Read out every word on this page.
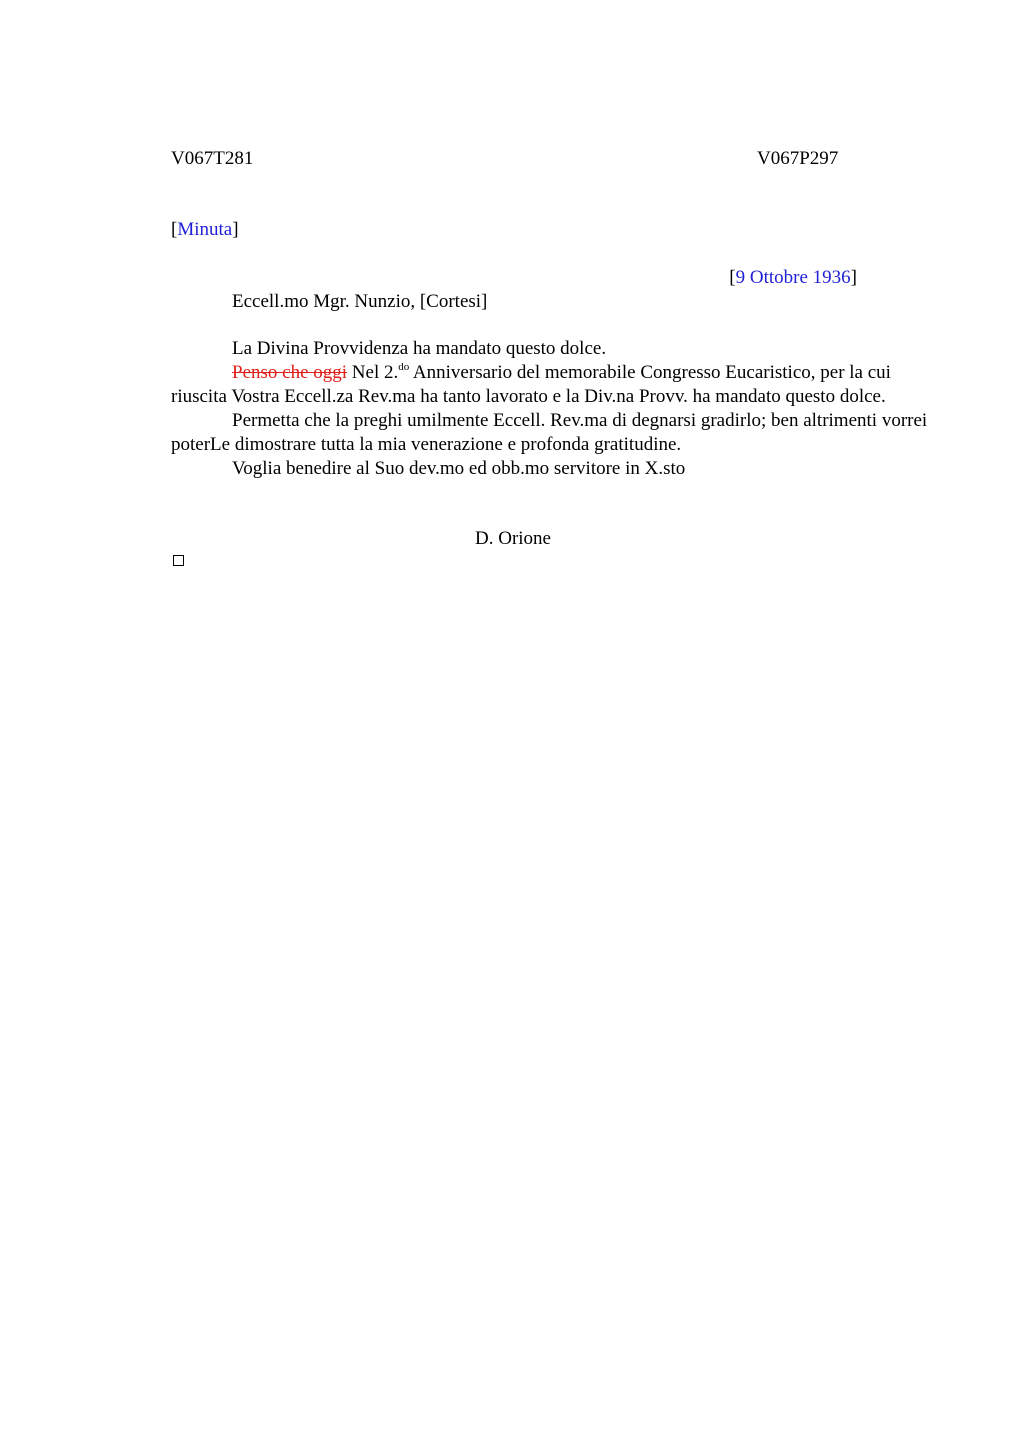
V067T281	V067P297
[Minuta]
[9 Ottobre 1936]
Eccell.mo Mgr. Nunzio, [Cortesi]

La Divina Provvidenza ha mandato questo dolce.

Penso che oggi Nel 2.$^{do}$ Anniversario del memorabile Congresso Eucaristico, per la cui riuscita Vostra Eccell.za Rev.ma ha tanto lavorato e la Div.na Provv. ha mandato questo dolce.

Permetta che la preghi umilmente Eccell. Rev.ma di degnarsi gradirlo; ben altrimenti vorrei poterLe dimostrare tutta la mia venerazione e profonda gratitudine.

Voglia benedire al Suo dev.mo ed obb.mo servitore in X.sto

D. Orione
